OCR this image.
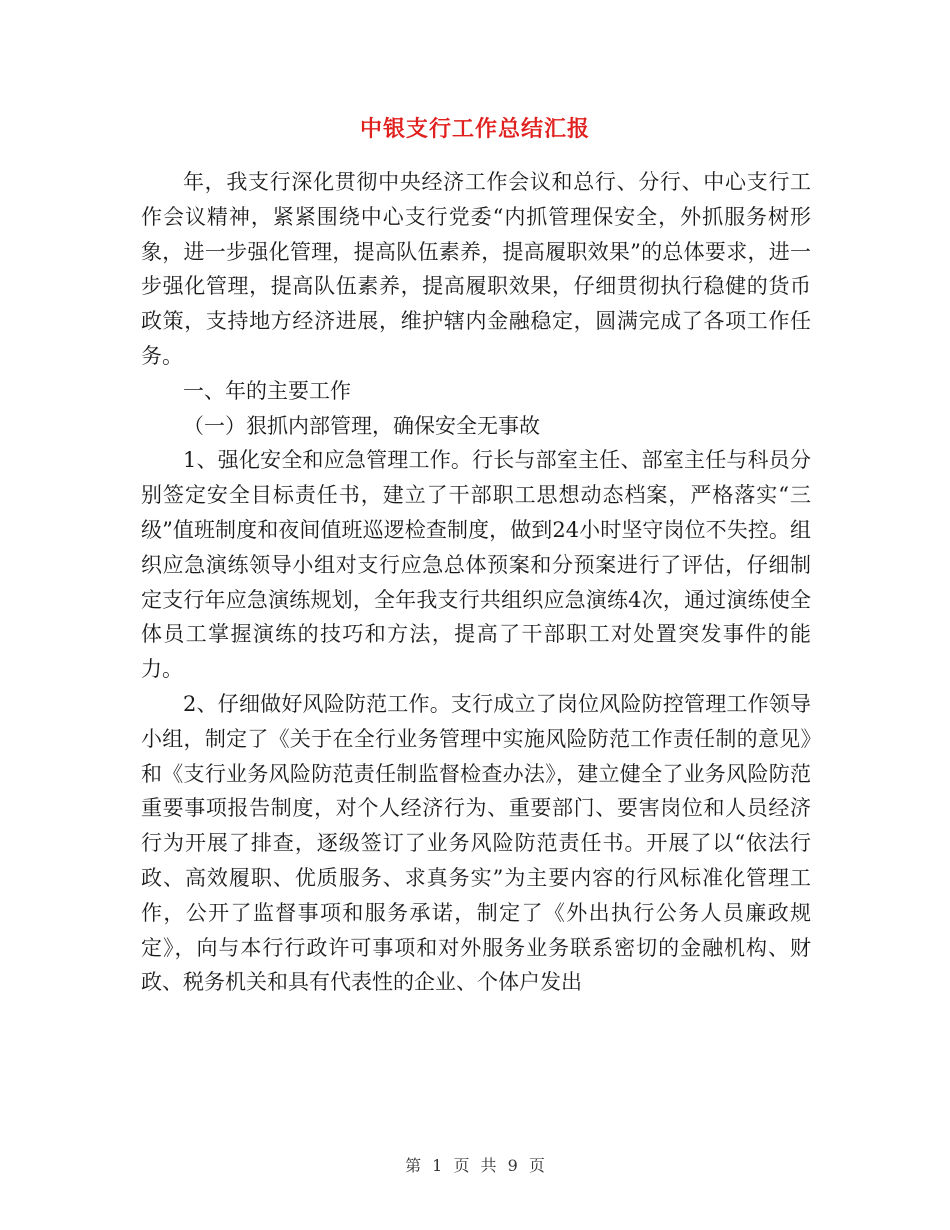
中银支行工作总结汇报

年，我支行深化贯彻中央经济工作会议和总行、分行、中心支行工作会议精神，紧紧围绕中心支行党委“内抓管理保安全，外抓服务树形象，进一步强化管理，提高队伍素养，提高履职效果”的总体要求，进一步强化管理，提高队伍素养，提高履职效果，仔细贯彻执行稳健的货币政策，支持地方经济进展，维护辖内金融稳定，圆满完成了各项工作任务。

一、年的主要工作

（一）狠抓内部管理，确保安全无事故

1、强化安全和应急管理工作。行长与部室主任、部室主任与科员分别签定安全目标责任书，建立了干部职工思想动态档案，严格落实“三级”值班制度和夜间值班巡逻检查制度，做到24小时坚守岗位不失控。组织应急演练领导小组对支行应急总体预案和分预案进行了评估，仔细制定支行年应急演练规划，全年我支行共组织应急演练4次，通过演练使全体员工掌握演练的技巧和方法，提高了干部职工对处置突发事件的能力。

2、仔细做好风险防范工作。支行成立了岗位风险防控管理工作领导小组，制定了《关于在全行业务管理中实施风险防范工作责任制的意见》和《支行业务风险防范责任制监督检查办法》，建立健全了业务风险防范重要事项报告制度，对个人经济行为、重要部门、要害岗位和人员经济行为开展了排查，逐级签订了业务风险防范责任书。开展了以“依法行政、高效履职、优质服务、求真务实”为主要内容的行风标准化管理工作，公开了监督事项和服务承诺，制定了《外出执行公务人员廉政规定》，向与本行行政许可事项和对外服务业务联系密切的金融机构、财政、税务机关和具有代表性的企业、个体户发出

第 1 页 共 9 页
